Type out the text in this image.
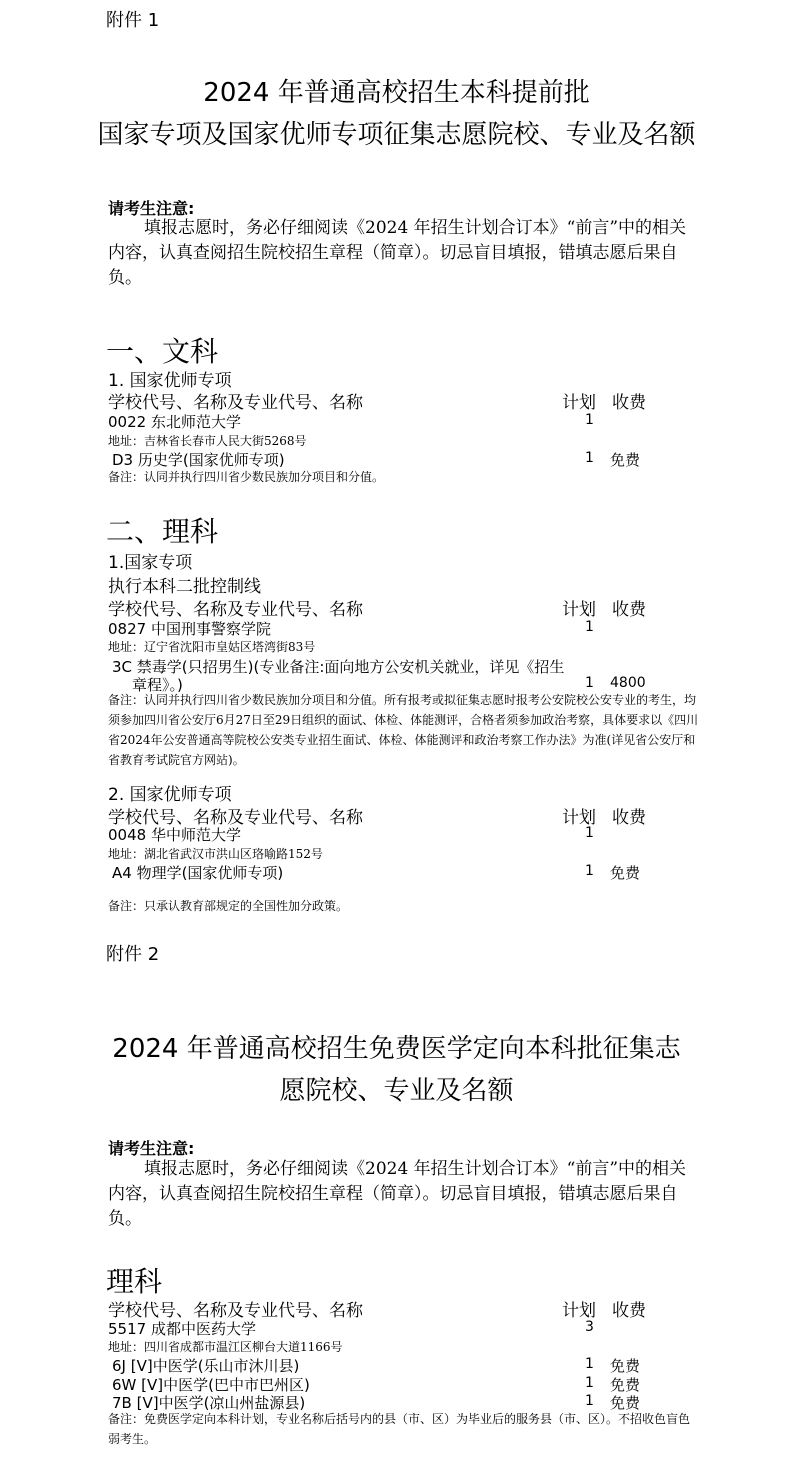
附件 1
2024 年普通高校招生本科提前批
国家专项及国家优师专项征集志愿院校、专业及名额
请考生注意:
填报志愿时，务必仔细阅读《2024 年招生计划合订本》“前言”中的相关内容，认真查阅招生院校招生章程（简章）。切忌盲目填报，错填志愿后果自负。
一、文科
1. 国家优师专项
学校代号、名称及专业代号、名称	计划 收费
0022 东北师范大学	1
地址：吉林省长春市人民大街5268号
D3 历史学(国家优师专项)	1 免费
备注：认同并执行四川省少数民族加分项目和分值。
二、理科
1.国家专项
执行本科二批控制线
学校代号、名称及专业代号、名称	计划 收费
0827 中国刑事警察学院	1
地址：辽宁省沈阳市皇姑区塔湾街83号
3C 禁毒学(只招男生)(专业备注:面向地方公安机关就业，详见《招生
章程》。)	1 4800
备注：认同并执行四川省少数民族加分项目和分值。所有报考或拟征集志愿时报考公安院校公安专业的考生，均须参加四川省公安厅6月27日至29日组织的面试、体检、体能测评，合格者须参加政治考察，具体要求以《四川省2024年公安普通高等院校公安类专业招生面试、体检、体能测评和政治考察工作办法》为准(详见省公安厅和省教育考试院官方网站)。
2. 国家优师专项
学校代号、名称及专业代号、名称	计划 收费
0048 华中师范大学	1
地址：湖北省武汉市洪山区珞喻路152号
A4 物理学(国家优师专项)	1 免费
备注：只承认教育部规定的全国性加分政策。
附件 2
2024 年普通高校招生免费医学定向本科批征集志
愿院校、专业及名额
请考生注意:
填报志愿时，务必仔细阅读《2024 年招生计划合订本》“前言”中的相关内容，认真查阅招生院校招生章程（简章）。切忌盲目填报，错填志愿后果自负。
理科
学校代号、名称及专业代号、名称	计划 收费
5517 成都中医药大学	3
地址：四川省成都市温江区柳台大道1166号
6J [V]中医学(乐山市沐川县)	1 免费
6W [V]中医学(巴中市巴州区)	1 免费
7B [V]中医学(凉山州盐源县)	1 免费
备注：免费医学定向本科计划，专业名称后括号内的县（市、区）为毕业后的服务县（市、区）。不招收色盲色弱考生。
